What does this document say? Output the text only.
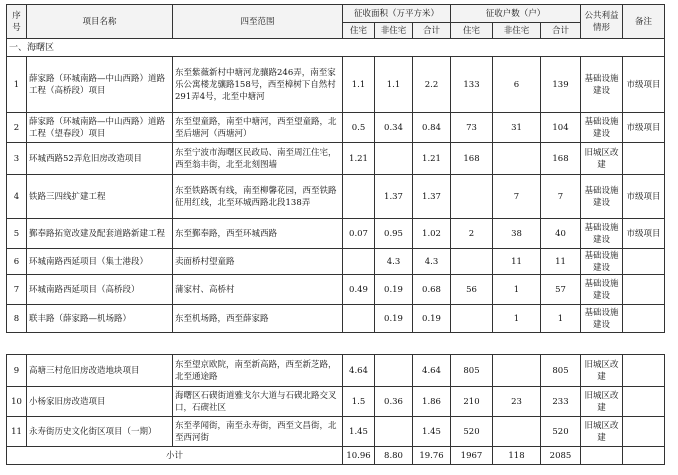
序号	项目名称	四至范围	征收面积（万平方米）			征收户数（户）			公共利益情形	备注
			住宅	非住宅	合计	住宅	非住宅	合计		
一、海曙区										
1	薛家路（环城南路—中山西路）道路工程（高桥段）项目	东至紫薇新村中塘河龙骧路246弄，南至家乐公寓楼龙骧路158号，西至樟树下自然村291弄4号，北至中塘河	1.1	1.1	2.2	133	6	139	基础设施建设	市级项目
2	薛家路（环城南路—中山西路）道路工程（望春段）项目	东至望童路，南至中塘河，西至望童路，北至后塘河（西塘河）	0.5	0.34	0.84	73	31	104	基础设施建设	市级项目
3	环城西路52弄危旧房改造项目	东至宁波市海曙区民政局、南至周江住宅，西至翁丰街，北至北刻图墙	1.21		1.21	168		168	旧城区改建	
4	铁路三四线扩建工程	东至铁路既有线，南至柳馨花园，西至铁路征用红线，北至环城西路北段138弄		1.37	1.37		7	7	基础设施建设	市级项目
5	鄞奉路拓宽改建及配套道路新建工程	东至鄞奉路，西至环城西路	0.07	0.95	1.02	2	38	40	基础设施建设	市级项目
6	环城南路西延项目（集士港段）	卖面桥村望童路		4.3	4.3		11	11	基础设施建设	
7	环城南路西延项目（高桥段）	蒲家村、高桥村	0.49	0.19	0.68	56	1	57	基础设施建设	
8	联丰路（薛家路—机场路）	东至机场路，西至薛家路		0.19	0.19		1	1	基础设施建设	
9	高塘三村危旧房改造地块项目	东至望京欧院，南至新高路，西至新芝路，北至通途路	4.64		4.64	805		805	旧城区改建	
10	小杨家旧房改造项目	海曙区石碶街道雅戈尔大道与石碶北路交叉口，石碶社区	1.5	0.36	1.86	210	23	233	旧城区改建	
11	永寿街历史文化街区项目（一期）	东至孝闻街，南至永寿街，西至文昌街，北至西河街	1.45		1.45	520		520	旧城区改建	
小计			10.96	8.80	19.76	1967	118	2085		
